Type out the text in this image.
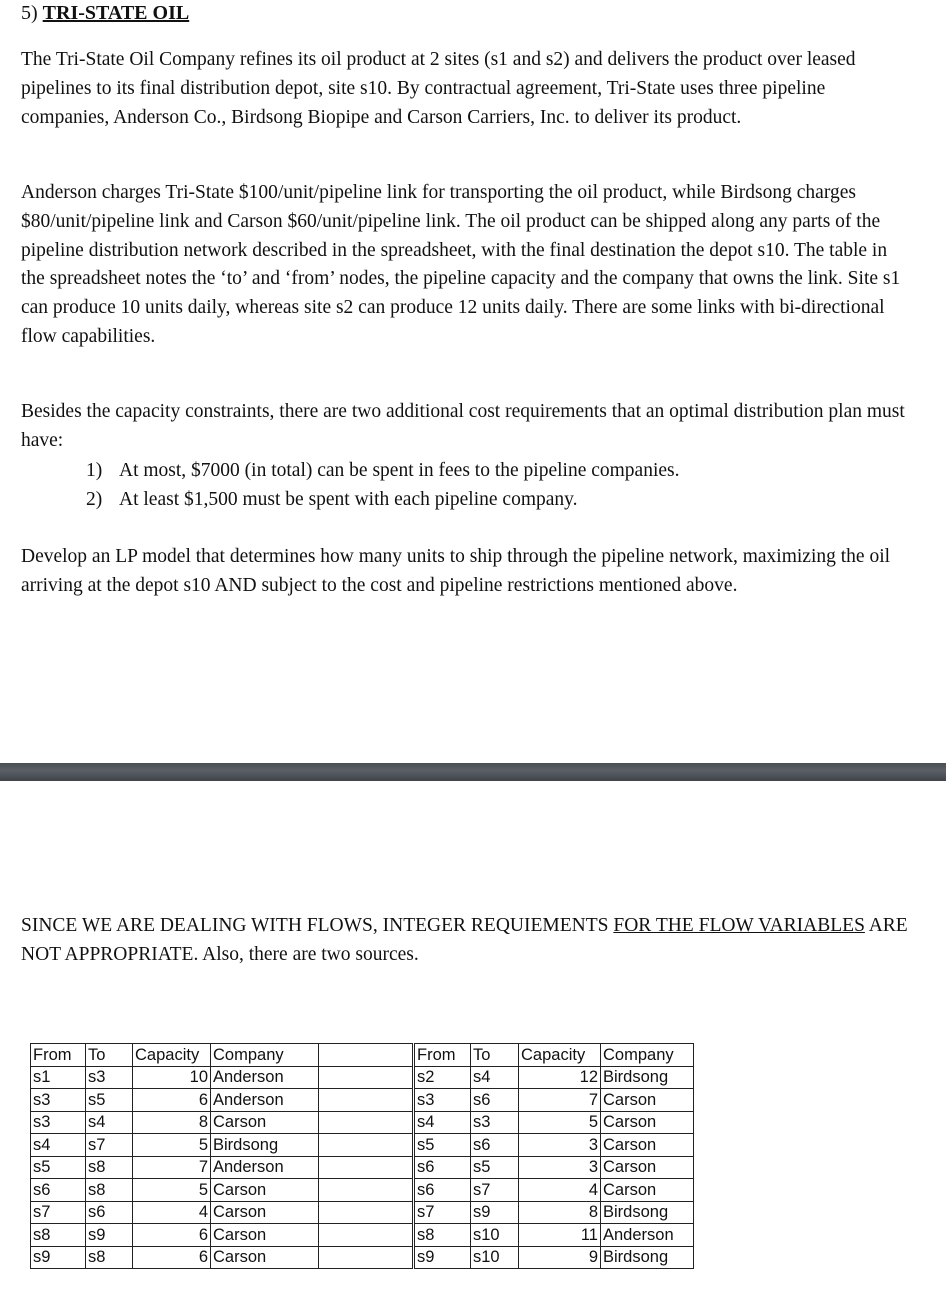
5) TRI-STATE OIL

The Tri-State Oil Company refines its oil product at 2 sites (s1 and s2) and delivers the product over leased pipelines to its final distribution depot, site s10. By contractual agreement, Tri-State uses three pipeline companies, Anderson Co., Birdsong Biopipe and Carson Carriers, Inc. to deliver its product.

Anderson charges Tri-State $100/unit/pipeline link for transporting the oil product, while Birdsong charges $80/unit/pipeline link and Carson $60/unit/pipeline link. The oil product can be shipped along any parts of the pipeline distribution network described in the spreadsheet, with the final destination the depot s10. The table in the spreadsheet notes the ‘to’ and ‘from’ nodes, the pipeline capacity and the company that owns the link. Site s1 can produce 10 units daily, whereas site s2 can produce 12 units daily. There are some links with bi-directional flow capabilities.

Besides the capacity constraints, there are two additional cost requirements that an optimal distribution plan must have:

1) At most, $7000 (in total) can be spent in fees to the pipeline companies.
2) At least $1,500 must be spent with each pipeline company.

Develop an LP model that determines how many units to ship through the pipeline network, maximizing the oil arriving at the depot s10 AND subject to the cost and pipeline restrictions mentioned above.

SINCE WE ARE DEALING WITH FLOWS, INTEGER REQUIEMENTS FOR THE FLOW VARIABLES ARE NOT APPROPRIATE. Also, there are two sources.

From	To	Capacity	Company	
s1	s3	10	Anderson	
s3	s5	6	Anderson	
s3	s4	8	Carson	
s4	s7	5	Birdsong	
s5	s8	7	Anderson	
s6	s8	5	Carson	
s7	s6	4	Carson	
s8	s9	6	Carson	
s9	s8	6	Carson	
From	To	Capacity	Company
s2	s4	12	Birdsong
s3	s6	7	Carson
s4	s3	5	Carson
s5	s6	3	Carson
s6	s5	3	Carson
s6	s7	4	Carson
s7	s9	8	Birdsong
s8	s10	11	Anderson
s9	s10	9	Birdsong
